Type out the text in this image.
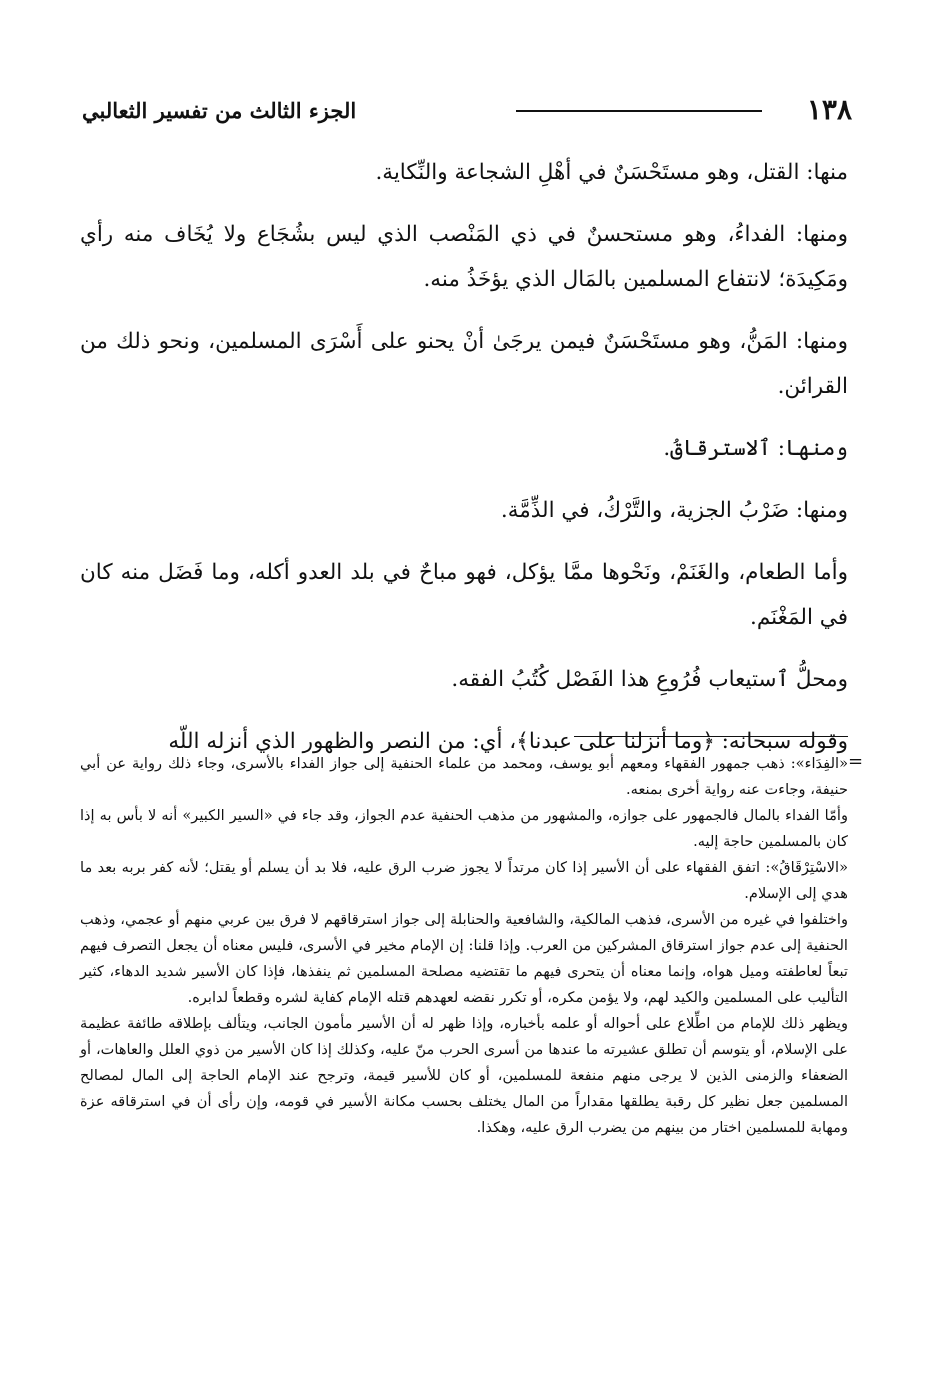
١٣٨
الجزء الثالث من تفسير الثعالبي

منها: القتل، وهو مستَحْسَنٌ في أهْلِ الشجاعة والنِّكاية.

ومنها: الفداءُ، وهو مستحسنٌ في ذي المَنْصب الذي ليس بشُجَاع ولا يُخَاف منه رأي ومَكِيدَة؛ لانتفاع المسلمين بالمَال الذي يؤخَذُ منه.

ومنها: المَنُّ، وهو مستَحْسَنٌ فيمن يرجَىٰ أنْ يحنو على أَسْرَى المسلمين، ونحو ذلك من القرائن.

ومنها: ٱلاسترقاقُ.

ومنها: ضَرْبُ الجزية، والتَّرْكُ، في الذِّمَّة.

وأما الطعام، والغَنَمْ، ونَحْوها ممَّا يؤكل، فهو مباحٌ في بلد العدو أكله، وما فَضَل منه كان في المَغْنَم.

ومحلُّ ٱستيعاب فُرُوعِ هذا الفَصْل كُتُبُ الفقه.

وقوله سبحانه: ﴿وما أنزلنا على عبدنا﴾، أي: من النصر والظهور الذي أنزله اللّه

=

«الفِدَاء»: ذهب جمهور الفقهاء ومعهم أبو يوسف، ومحمد من علماء الحنفية إلى جواز الفداء بالأسرى، وجاء ذلك رواية عن أبي حنيفة، وجاءت عنه رواية أخرى بمنعه.

وأمّا الفداء بالمال فالجمهور على جوازه، والمشهور من مذهب الحنفية عدم الجواز، وقد جاء في «السير الكبير» أنه لا بأس به إذا كان بالمسلمين حاجة إليه.

«الاسْتِرْقَاقُ»: اتفق الفقهاء على أن الأسير إذا كان مرتداً لا يجوز ضرب الرق عليه، فلا بد أن يسلم أو يقتل؛ لأنه كفر بربه بعد ما هدي إلى الإسلام.

واختلفوا في غيره من الأسرى، فذهب المالكية، والشافعية والحنابلة إلى جواز استرقاقهم لا فرق بين عربي منهم أو عجمي، وذهب الحنفية إلى عدم جواز استرقاق المشركين من العرب. وإذا قلنا: إن الإمام مخير في الأسرى، فليس معناه أن يجعل التصرف فيهم تبعاً لعاطفته وميل هواه، وإنما معناه أن يتحرى فيهم ما تقتضيه مصلحة المسلمين ثم ينفذها، فإذا كان الأسير شديد الدهاء، كثير التأليب على المسلمين والكيد لهم، ولا يؤمن مكره، أو تكرر نقضه لعهدهم قتله الإمام كفاية لشره وقطعاً لدابره.

ويظهر ذلك للإمام من اطِّلاع على أحواله أو علمه بأخباره، وإذا ظهر له أن الأسير مأمون الجانب، ويتألف بإطلاقه طائفة عظيمة على الإسلام، أو يتوسم أن تطلق عشيرته ما عندها من أسرى الحرب منّ عليه، وكذلك إذا كان الأسير من ذوي العلل والعاهات، أو الضعفاء والزمنى الذين لا يرجى منهم منفعة للمسلمين، أو كان للأسير قيمة، وترجح عند الإمام الحاجة إلى المال لمصالح المسلمين جعل نظير كل رقبة يطلقها مقداراً من المال يختلف بحسب مكانة الأسير في قومه، وإن رأى أن في استرقاقه عزة ومهابة للمسلمين اختار من بينهم من يضرب الرق عليه، وهكذا.
